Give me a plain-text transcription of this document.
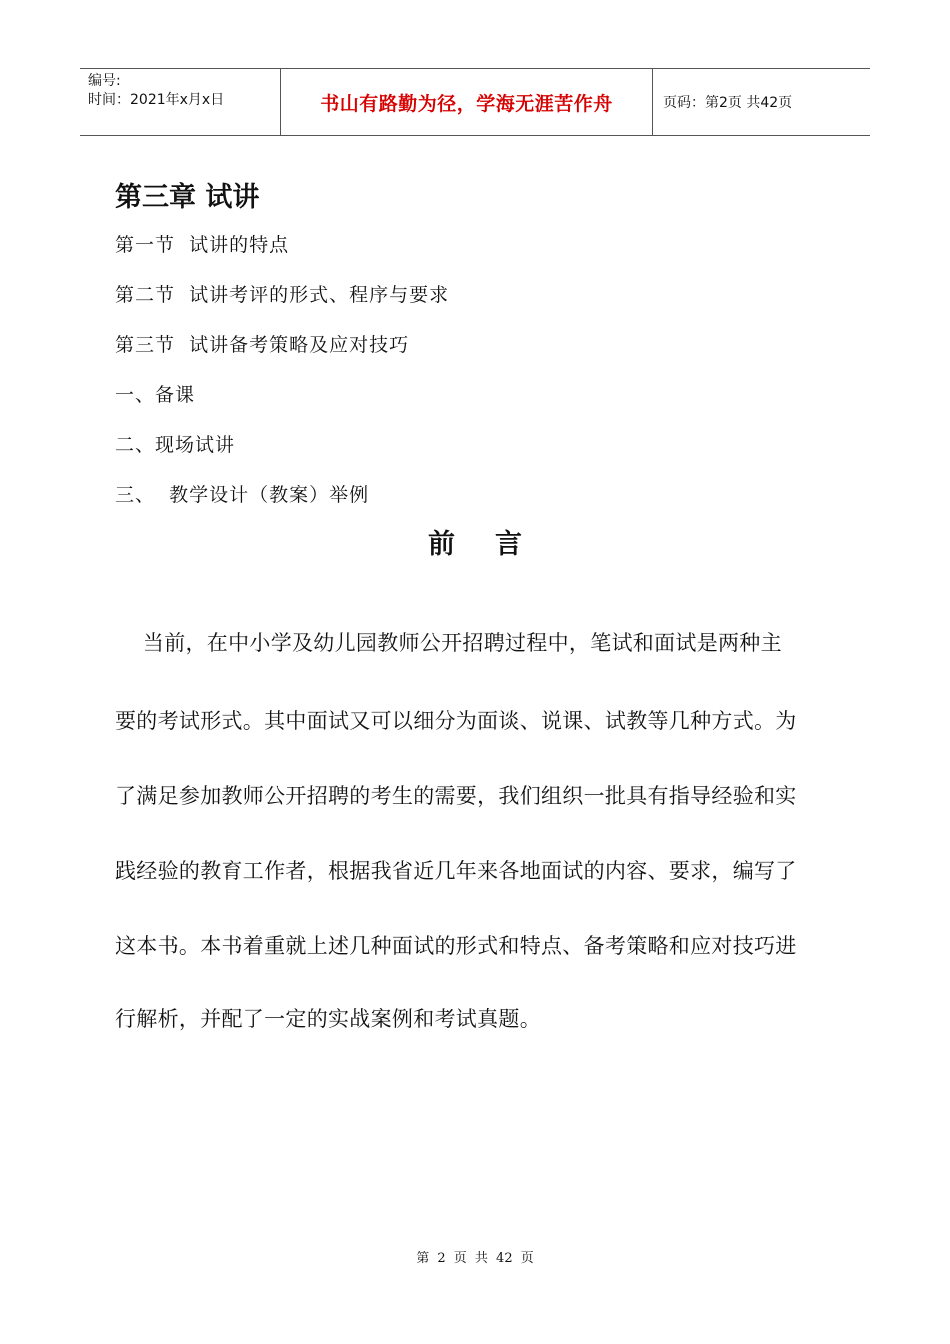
编号:
时间：2021年x月x日	书山有路勤为径，学海无涯苦作舟	页码：第2页 共42页
第三章 试讲
第一节  试讲的特点
第二节  试讲考评的形式、程序与要求
第三节  试讲备考策略及应对技巧
一、备课
二、现场试讲
三、  教学设计（教案）举例
前言
当前，在中小学及幼儿园教师公开招聘过程中，笔试和面试是两种主
要的考试形式。其中面试又可以细分为面谈、说课、试教等几种方式。为
了满足参加教师公开招聘的考生的需要，我们组织一批具有指导经验和实
践经验的教育工作者，根据我省近几年来各地面试的内容、要求，编写了
这本书。本书着重就上述几种面试的形式和特点、备考策略和应对技巧进
行解析，并配了一定的实战案例和考试真题。
第 2 页 共 42 页
